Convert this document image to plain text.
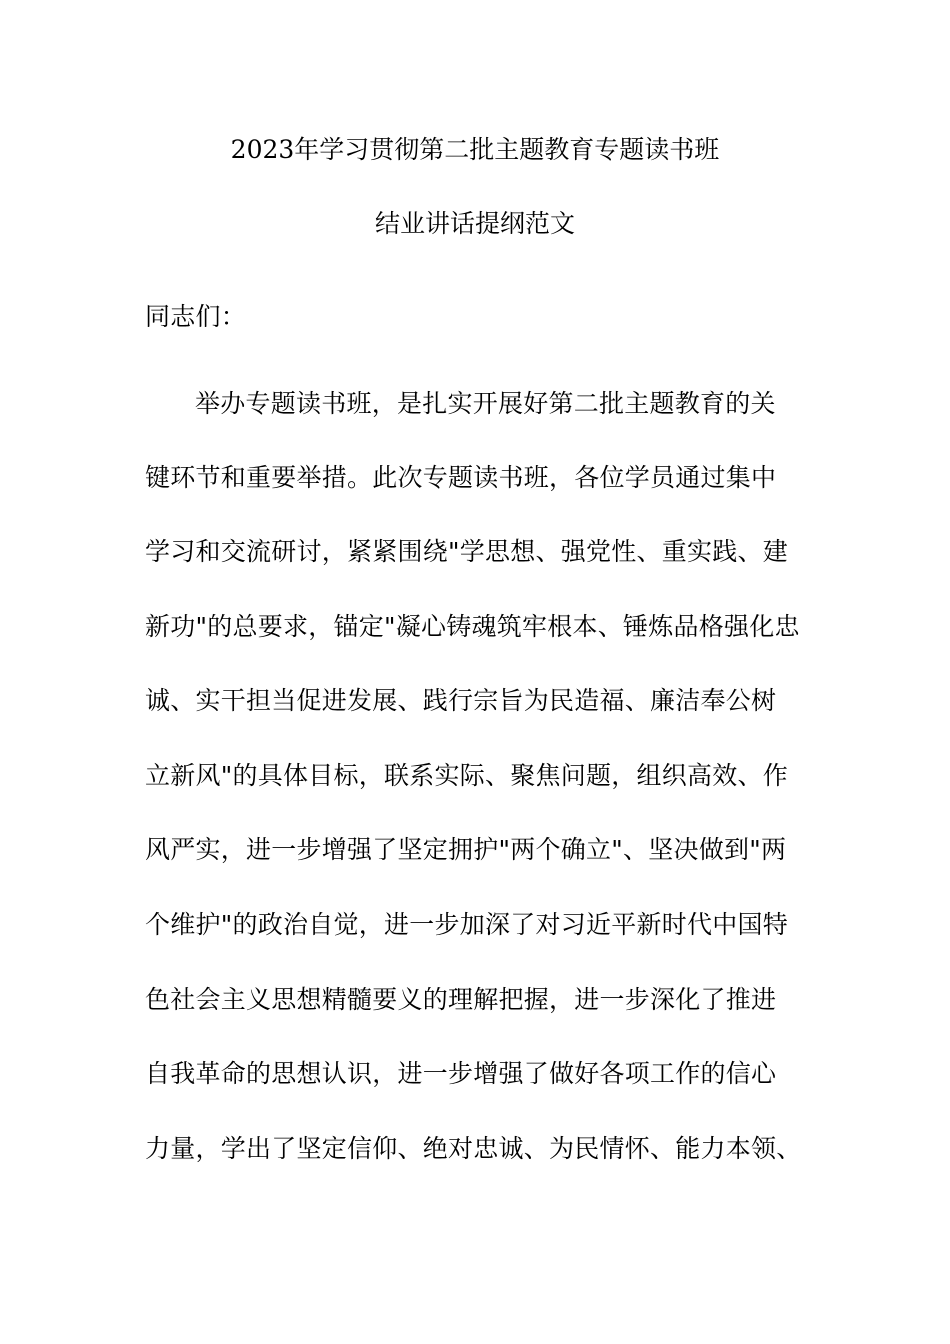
2023年学习贯彻第二批主题教育专题读书班
结业讲话提纲范文
同志们：
举办专题读书班，是扎实开展好第二批主题教育的关
键环节和重要举措。此次专题读书班，各位学员通过集中
学习和交流研讨，紧紧围绕"学思想、强党性、重实践、建
新功"的总要求，锚定"凝心铸魂筑牢根本、锤炼品格强化忠
诚、实干担当促进发展、践行宗旨为民造福、廉洁奉公树
立新风"的具体目标，联系实际、聚焦问题，组织高效、作
风严实，进一步增强了坚定拥护"两个确立"、坚决做到"两
个维护"的政治自觉，进一步加深了对习近平新时代中国特
色社会主义思想精髓要义的理解把握，进一步深化了推进
自我革命的思想认识，进一步增强了做好各项工作的信心
力量，学出了坚定信仰、绝对忠诚、为民情怀、能力本领、
